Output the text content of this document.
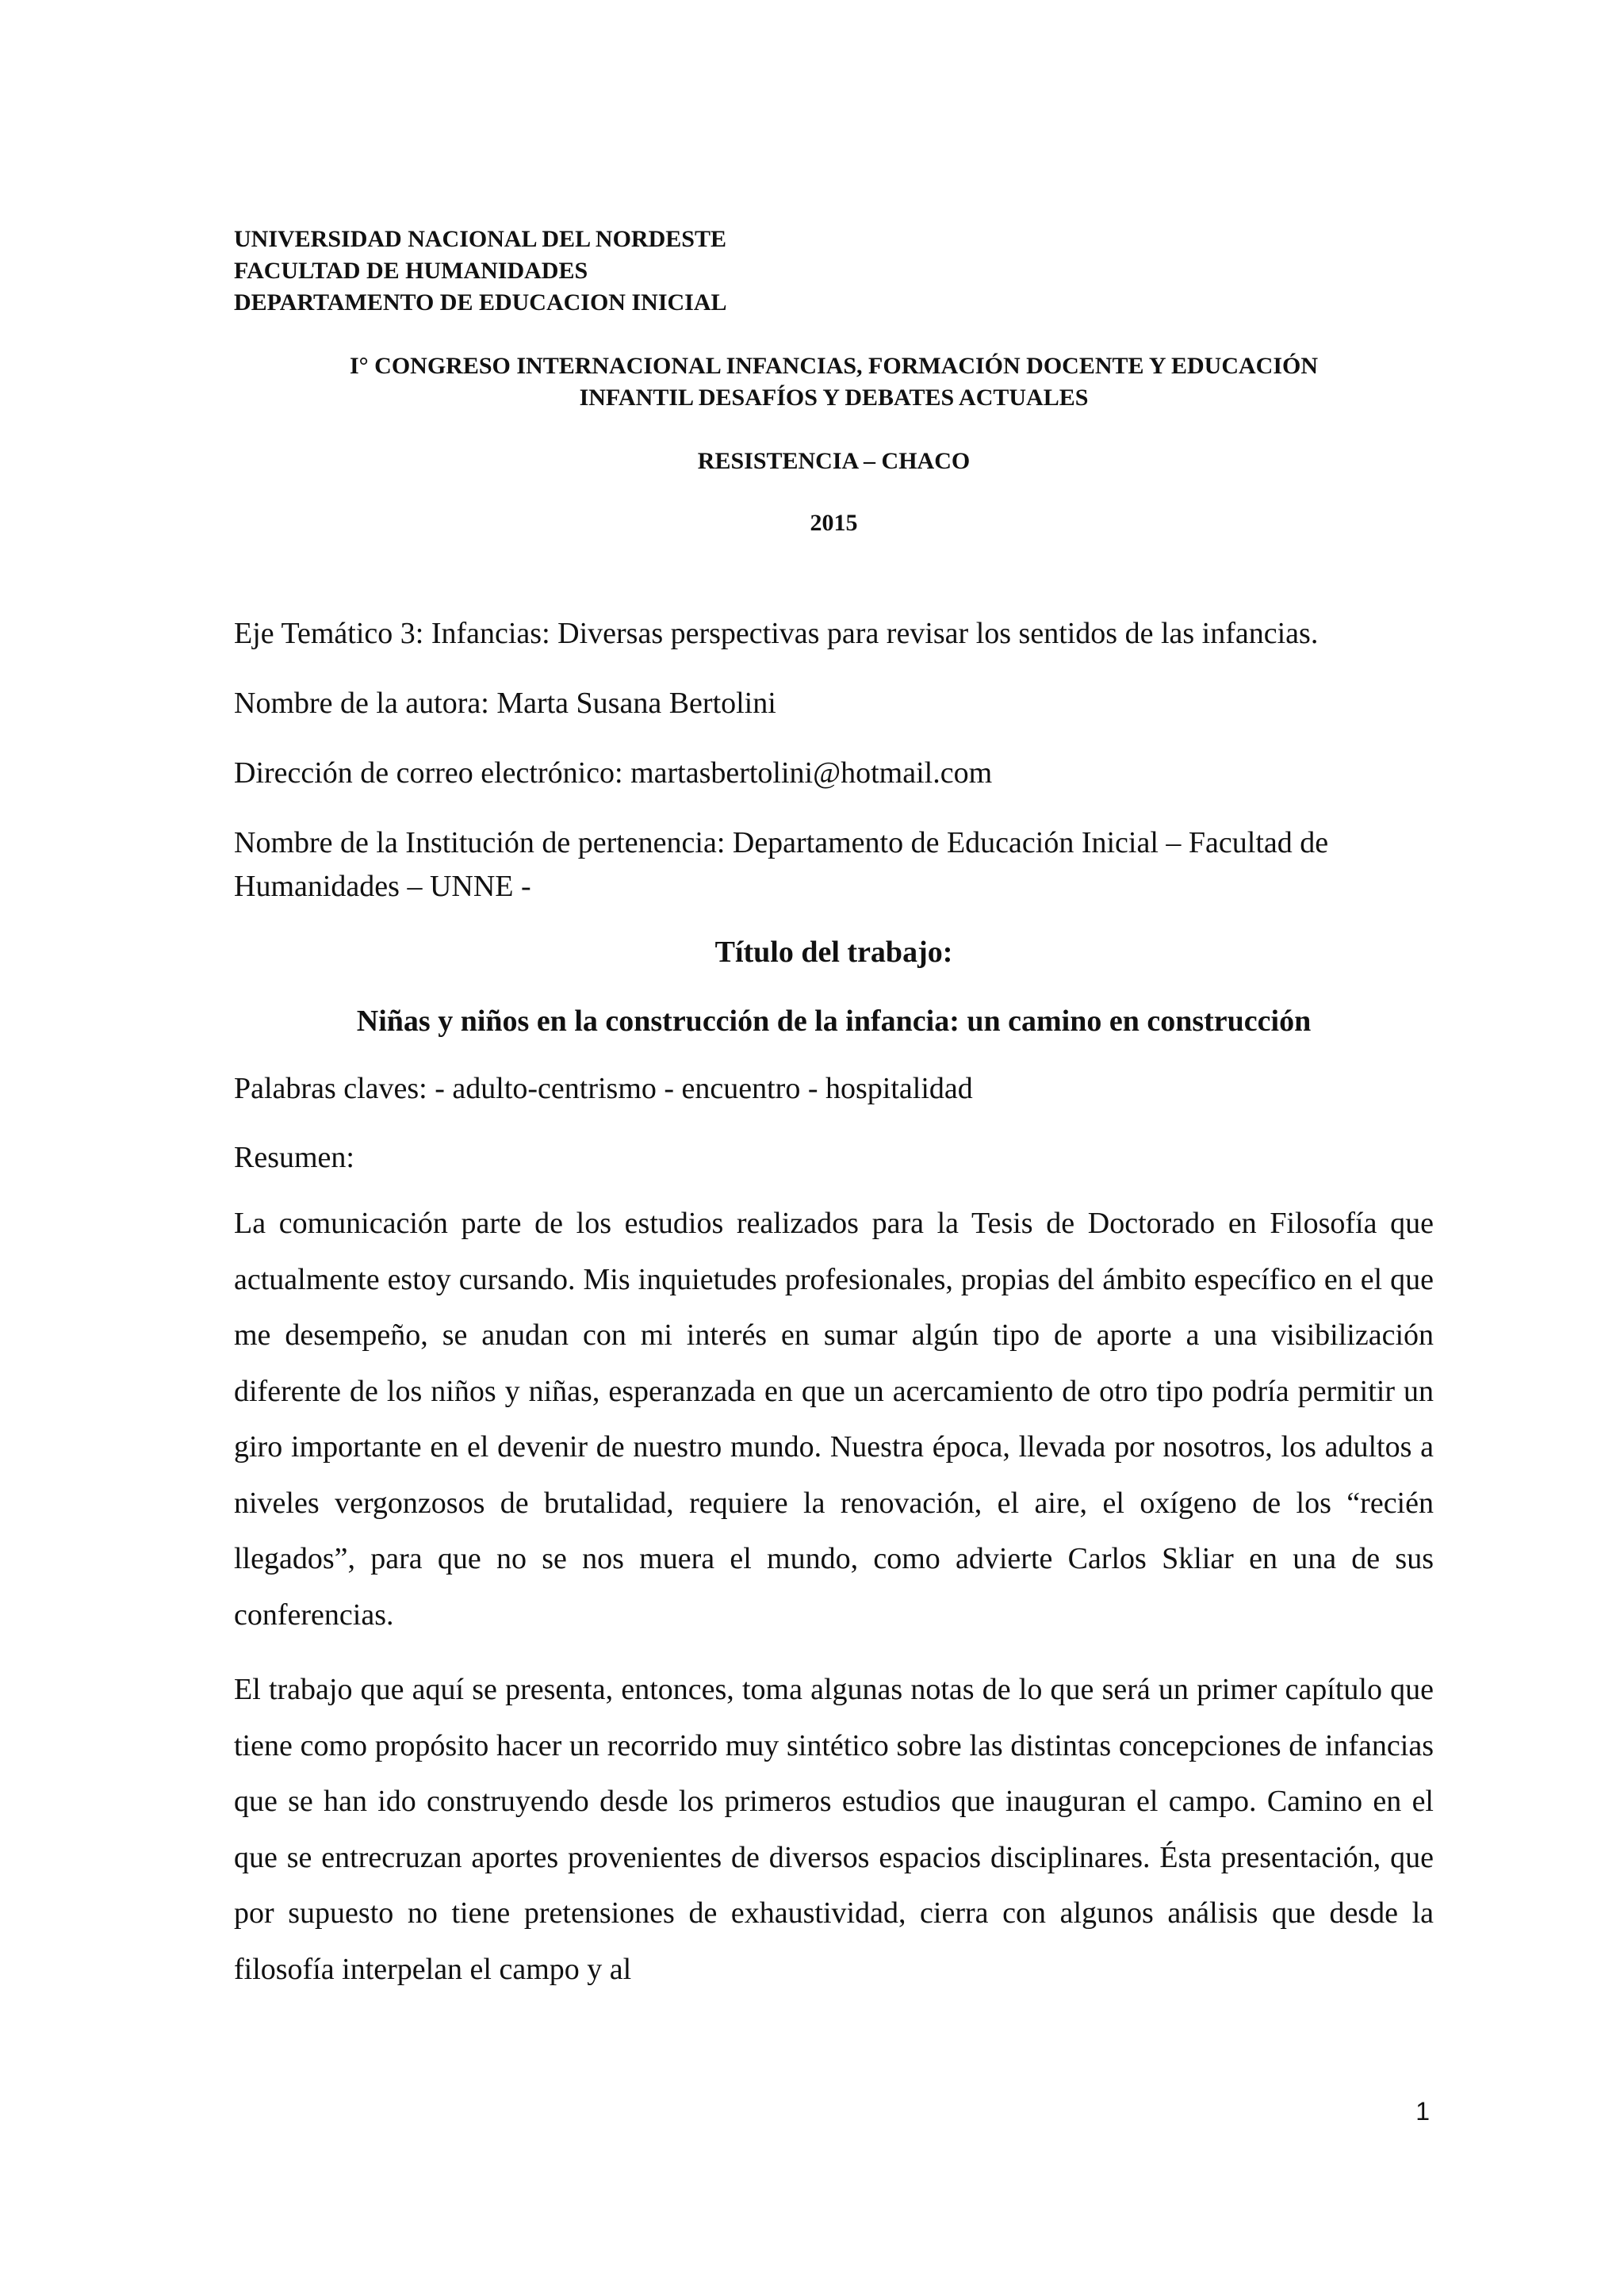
UNIVERSIDAD NACIONAL DEL NORDESTE
FACULTAD DE HUMANIDADES
DEPARTAMENTO DE EDUCACION INICIAL
I° CONGRESO INTERNACIONAL INFANCIAS, FORMACIÓN DOCENTE Y EDUCACIÓN
INFANTIL DESAFÍOS Y DEBATES ACTUALES
RESISTENCIA – CHACO
2015

Eje Temático 3: Infancias: Diversas perspectivas para revisar los sentidos de las infancias.

Nombre de la autora: Marta Susana Bertolini

Dirección de correo electrónico: martasbertolini@hotmail.com

Nombre de la Institución de pertenencia: Departamento de Educación Inicial – Facultad de Humanidades – UNNE -

Título del trabajo:
Niñas y niños en la construcción de la infancia: un camino en construcción
Palabras claves: - adulto-centrismo - encuentro - hospitalidad
Resumen:

La comunicación parte de los estudios realizados para la Tesis de Doctorado en Filosofía que actualmente estoy cursando. Mis inquietudes profesionales, propias del ámbito específico en el que me desempeño, se anudan con mi interés en sumar algún tipo de aporte a una visibilización diferente de los niños y niñas, esperanzada en que un acercamiento de otro tipo podría permitir un giro importante en el devenir de nuestro mundo. Nuestra época, llevada por nosotros, los adultos a niveles vergonzosos de brutalidad, requiere la renovación, el aire, el oxígeno de los “recién llegados”, para que no se nos muera el mundo, como advierte Carlos Skliar en una de sus conferencias.

El trabajo que aquí se presenta, entonces, toma algunas notas de lo que será un primer capítulo que tiene como propósito hacer un recorrido muy sintético sobre las distintas concepciones de infancias que se han ido construyendo desde los primeros estudios que inauguran el campo. Camino en el que se entrecruzan aportes provenientes de diversos espacios disciplinares. Ésta presentación, que por supuesto no tiene pretensiones de exhaustividad, cierra con algunos análisis que desde la filosofía interpelan el campo y al

1
